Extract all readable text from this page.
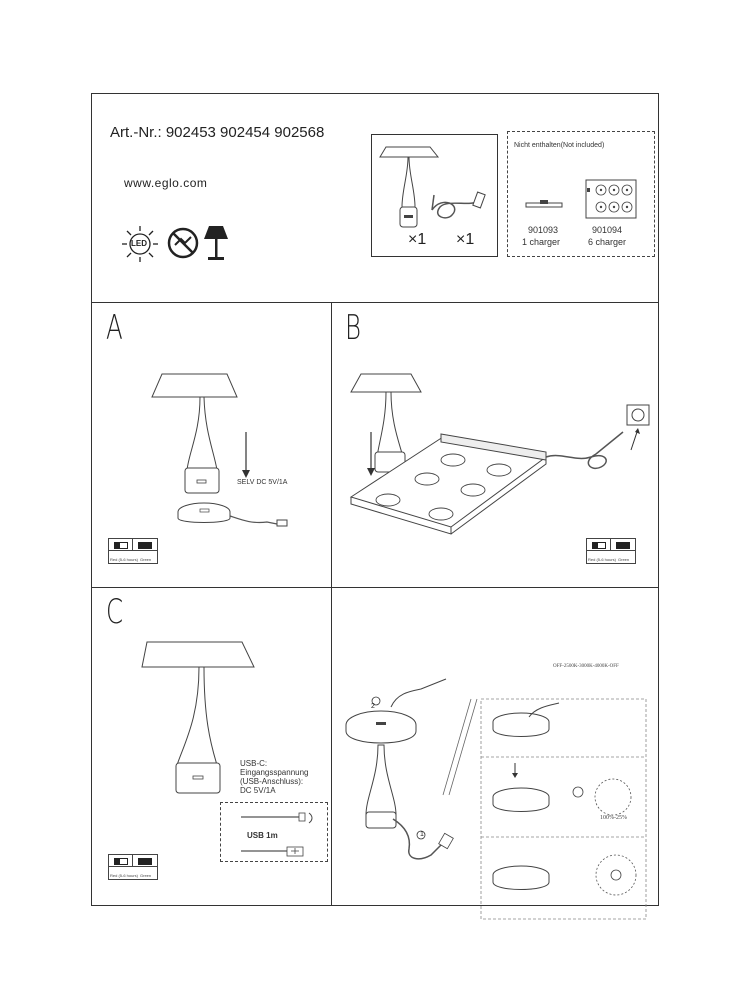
Art.-Nr.: 902453 902454 902568
www.eglo.com
LED	×1 ×1
Nicht enthalten(Not included)
901093
1 charger
901094
6 charger
A
SELV DC 5V/1A
Red (5-6 hours) Green
B
Red (5-6 hours) Green
C
USB-C:
Eingangsspannung
(USB-Anschluss):
DC 5V/1A
USB 1m
Red (5-6 hours) Green
2
1
OFF-2500K-3000K-4000K-OFF
100%-25%
